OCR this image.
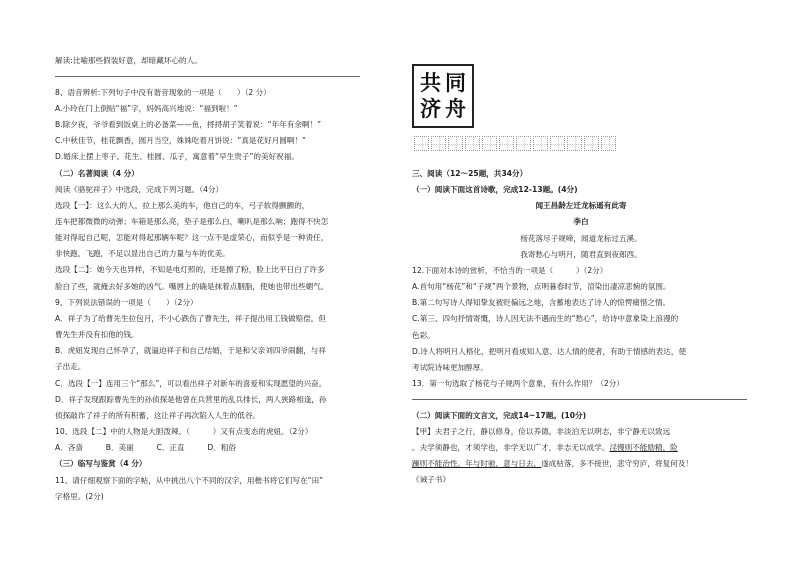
解读:比喻那些假装好意，却暗藏坏心的人。
8、语音辨析:下列句子中没有谐音现象的一项是（　　）（2 分）
A.小玲在门上倒贴“福”字，妈妈高兴地说：“福到啦！”
B.除夕夜，爷爷看到饭桌上的必备菜——鱼，捋捋胡子笑着说：“年年有余啊！”
C.中秋佳节，桂花飘香，圆月当空，姝姝吃着月饼说：“真是花好月圆啊！”
D.婚床上摆上枣子、花生、桂圆、瓜子，寓意着“早生贵子”的美好祝福。
（二）名著阅读（4 分）
阅读《骆驼祥子》中选段，完成下列习题。（4分）
选段【一】：这么大的人，拉上那么美的车，他自己的车，弓子软得颤颤的，
连车把都微微的动弹；车箱是那么亮，垫子是那么白，喇叭是那么响；跑得不快怎
能对得起自己呢，怎能对得起那辆车呢？这一点不是虚荣心，而似乎是一种责任，
非快跑，飞跑，不足以显出自己的力量与车的优美。
选段【二】：她今天也异样，不知是电灯照的，还是擦了粉，脸上比平日白了许多
脸白了些，就掩去好多她的凶气。嘴唇上的确是抹着点胭脂，使她也带出些媚气。
9、下列说法错误的一项是（　　）（2分）
A．祥子为了给曹先生拉包月，不小心跌伤了曹先生，祥子提出用工钱做赔偿，但
曹先生并没有扣他的钱。
B．虎妞发现自己怀孕了，就逼迫祥子和自己结婚，于是和父亲刘四爷闹翻，与祥
子出走。
C．选段【一】连用三个“那么”，可以看出祥子对新车的喜爱和实现愿望的兴奋。
D．祥子发现跟踪曹先生的孙侦探是他曾在兵营里的乱兵排长，两人狭路相逢，孙
侦探敲诈了祥子的所有积蓄，这让祥子再次陷入人生的低谷。
10、选段【二】中的人物是大胆泼辣、（　　　）又有点变态的虎妞。（2分）
A．吝啬　　　B．美丽　　　C．正直　　　D．粗俗
（三）临写与鉴赏（4 分）
11、请仔细观察下面的字帖，从中挑出八个不同的汉字，用楷书将它们写在“田”
字格里。(2分)
共 同
济 舟
三、阅读（12～25题，共34分）
（一）阅读下面这首诗歌，完成12-13题。(4分)
闻王昌龄左迁龙标遥有此寄
李白
杨花落尽子规啼，闻道龙标过五溪。
我寄愁心与明月，随君直到夜郎西。
12.下面对本诗的赏析，不恰当的一项是（　　　）（2分）
A.首句用“杨花”和“子规”两个景物，点明暮春时节，渲染出凄凉悲惋的氛围。
B.第二句写诗人得知挚友被贬偏远之地，含蓄地表达了诗人的惊愕痛惜之情。
C.第三、四句抒情寄慨，诗人因无法不遇而生的“愁心”，给诗中意象染上浪漫的
色彩。
D.诗人将明月人格化，把明月看成知人意、达人情的使者，有助于情感的表达，使
考试院诗味更加醇厚。
13．第一句选取了杨花与子规两个意象，有什么作用？（2分）
（二）阅读下面的文言文，完成14~17题。(10分)
【甲】夫君子之行，静以修身，俭以养德。非淡泊无以明志，非宁静无以致远
。夫学须静也，才须学也，非学无以广才，非志无以成学。淫慢则不能励精，险
躁则不能治性。年与时驰，意与日去，遂成枯落，多不接世，悲守穷庐，将复何及！
《诫子书》
